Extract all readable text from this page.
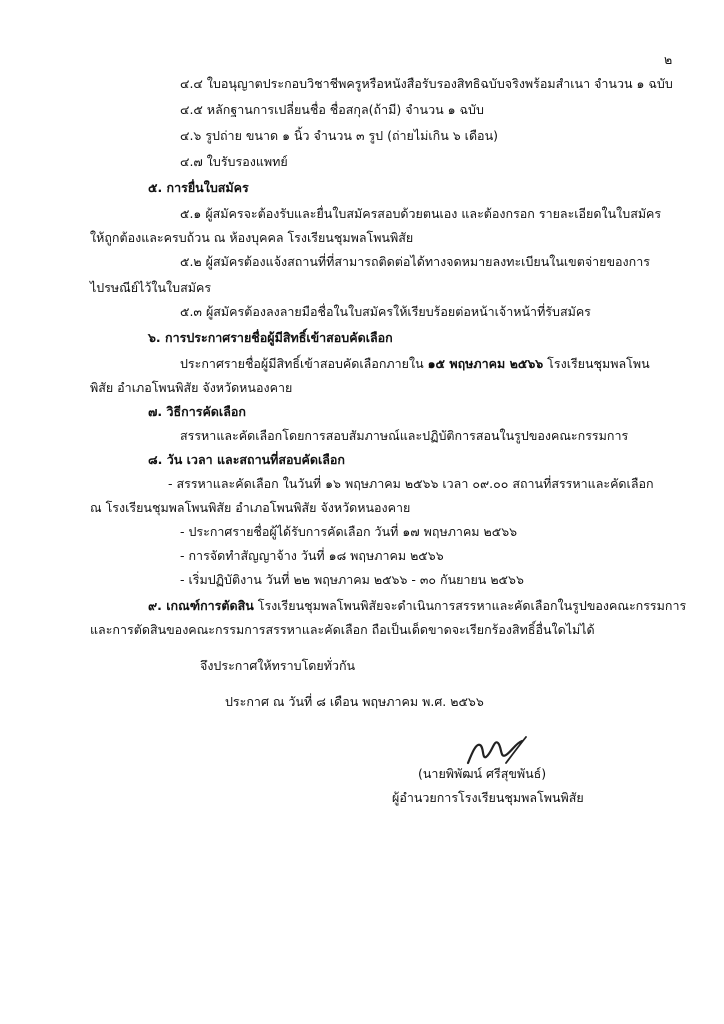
๒
๔.๔ ใบอนุญาตประกอบวิชาชีพครูหรือหนังสือรับรองสิทธิฉบับจริงพร้อมสำเนา จำนวน ๑ ฉบับ
๔.๕ หลักฐานการเปลี่ยนชื่อ ชื่อสกุล(ถ้ามี) จำนวน ๑ ฉบับ
๔.๖ รูปถ่าย ขนาด ๑ นิ้ว จำนวน ๓ รูป (ถ่ายไม่เกิน ๖ เดือน)
๔.๗ ใบรับรองแพทย์
๕. การยื่นใบสมัคร
๕.๑ ผู้สมัครจะต้องรับและยื่นใบสมัครสอบด้วยตนเอง และต้องกรอก รายละเอียดในใบสมัคร
ให้ถูกต้องและครบถ้วน ณ ห้องบุคคล โรงเรียนชุมพลโพนพิสัย
๕.๒ ผู้สมัครต้องแจ้งสถานที่ที่สามารถติดต่อได้ทางจดหมายลงทะเบียนในเขตจ่ายของการ
ไปรษณีย์ไว้ในใบสมัคร
๕.๓ ผู้สมัครต้องลงลายมือชื่อในใบสมัครให้เรียบร้อยต่อหน้าเจ้าหน้าที่รับสมัคร
๖. การประกาศรายชื่อผู้มีสิทธิ์เข้าสอบคัดเลือก
ประกาศรายชื่อผู้มีสิทธิ์เข้าสอบคัดเลือกภายใน ๑๕ พฤษภาคม ๒๕๖๖ โรงเรียนชุมพลโพน
พิสัย อำเภอโพนพิสัย จังหวัดหนองคาย
๗. วิธีการคัดเลือก
สรรหาและคัดเลือกโดยการสอบสัมภาษณ์และปฏิบัติการสอนในรูปของคณะกรรมการ
๘. วัน เวลา และสถานที่สอบคัดเลือก
- สรรหาและคัดเลือก ในวันที่ ๑๖ พฤษภาคม ๒๕๖๖ เวลา ๐๙.๐๐ สถานที่สรรหาและคัดเลือก
ณ โรงเรียนชุมพลโพนพิสัย อำเภอโพนพิสัย จังหวัดหนองคาย
- ประกาศรายชื่อผู้ได้รับการคัดเลือก วันที่ ๑๗ พฤษภาคม ๒๕๖๖
- การจัดทำสัญญาจ้าง วันที่ ๑๘ พฤษภาคม ๒๕๖๖
- เริ่มปฏิบัติงาน วันที่ ๒๒ พฤษภาคม ๒๕๖๖ - ๓๐ กันยายน ๒๕๖๖
๙. เกณฑ์การตัดสิน โรงเรียนชุมพลโพนพิสัยจะดำเนินการสรรหาและคัดเลือกในรูปของคณะกรรมการ
และการตัดสินของคณะกรรมการสรรหาและคัดเลือก ถือเป็นเด็ดขาดจะเรียกร้องสิทธิ์อื่นใดไม่ได้
จึงประกาศให้ทราบโดยทั่วกัน
ประกาศ ณ วันที่ ๘ เดือน พฤษภาคม พ.ศ. ๒๕๖๖
(นายพิพัฒน์ ศรีสุขพันธ์)
ผู้อำนวยการโรงเรียนชุมพลโพนพิสัย
